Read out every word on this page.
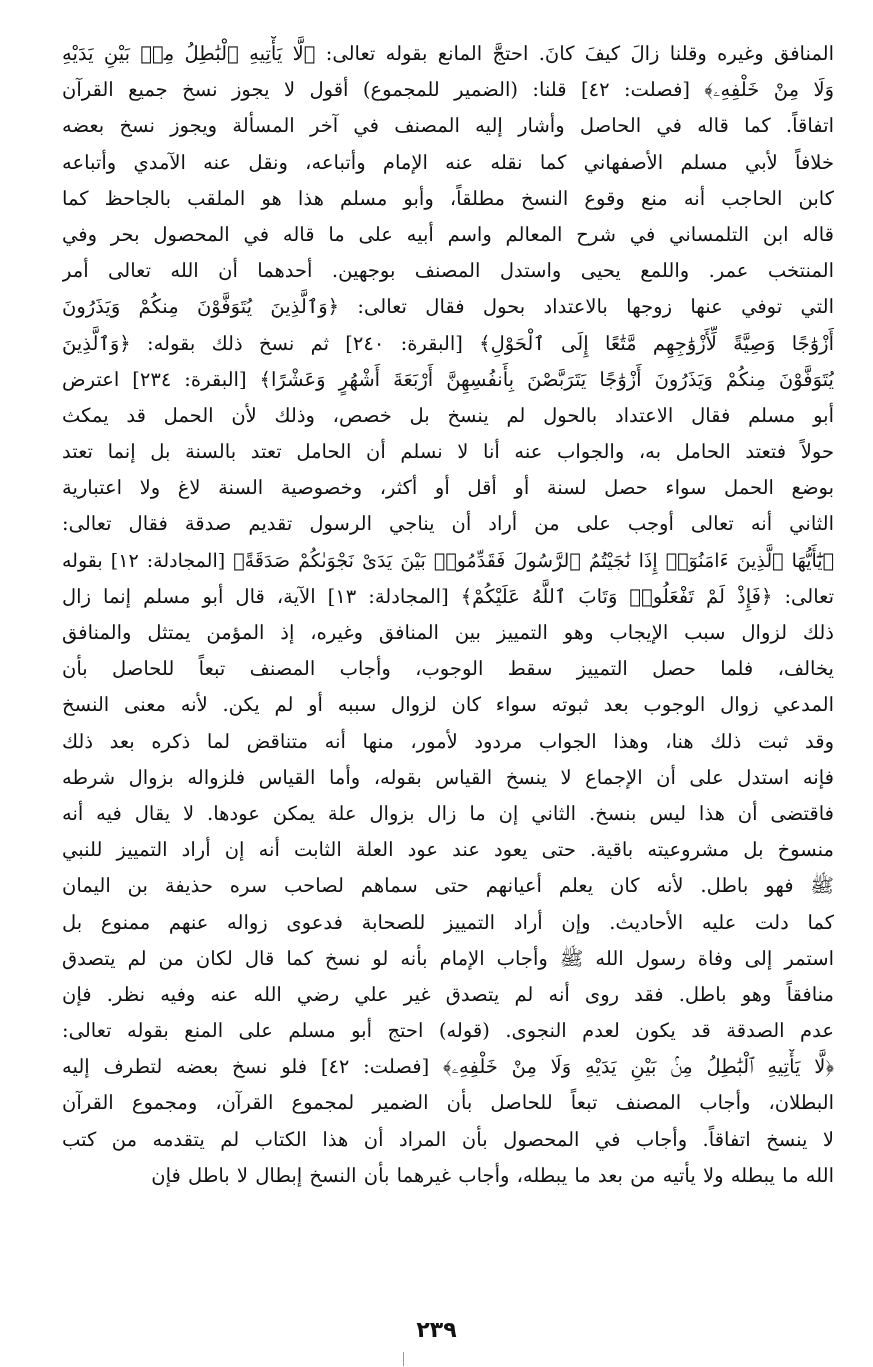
المنافق وغيره وقلنا زالَ كيفَ كانَ. احتجَّ المانع بقوله تعالى: ﴿لَّا يَأْتِيهِ ٱلْبَٰطِلُ مِنۢ بَيْنِ يَدَيْهِ
وَلَا مِنْ خَلْفِهِۦ﴾ [فصلت: ٤٢] قلنا: (الضمير للمجموع) أقول لا يجوز نسخ جميع القرآن
اتفاقاً. كما قاله في الحاصل وأشار إليه المصنف في آخر المسألة ويجوز نسخ بعضه
خلافاً لأبي مسلم الأصفهاني كما نقله عنه الإمام وأتباعه، ونقل عنه الآمدي وأتباعه
كابن الحاجب أنه منع وقوع النسخ مطلقاً، وأبو مسلم هذا هو الملقب بالجاحظ كما
قاله ابن التلمساني في شرح المعالم واسم أبيه على ما قاله في المحصول بحر وفي
المنتخب عمر. واللمع يحيى واستدل المصنف بوجهين. أحدهما أن الله تعالى أمر
التي توفي عنها زوجها بالاعتداد بحول فقال تعالى: ﴿وَٱلَّذِينَ يُتَوَفَّوْنَ مِنكُمْ وَيَذَرُونَ
أَزْوَٰجًا وَصِيَّةً لِّأَزْوَٰجِهِم مَّتَٰعًا إِلَى ٱلْحَوْلِ﴾ [البقرة: ٢٤٠] ثم نسخ ذلك بقوله: ﴿وَٱلَّذِينَ
يُتَوَفَّوْنَ مِنكُمْ وَيَذَرُونَ أَزْوَٰجًا يَتَرَبَّصْنَ بِأَنفُسِهِنَّ أَرْبَعَةَ أَشْهُرٍ وَعَشْرًا﴾ [البقرة: ٢٣٤] اعترض
أبو مسلم فقال الاعتداد بالحول لم ينسخ بل خصص، وذلك لأن الحمل قد يمكث
حولاً فتعتد الحامل به، والجواب عنه أنا لا نسلم أن الحامل تعتد بالسنة بل إنما تعتد
بوضع الحمل سواء حصل لسنة أو أقل أو أكثر، وخصوصية السنة لاغ ولا اعتبارية
الثاني أنه تعالى أوجب على من أراد أن يناجي الرسول تقديم صدقة فقال تعالى:
﴿يَٰٓأَيُّهَا ٱلَّذِينَ ءَامَنُوٓا۟ إِذَا نَٰجَيْتُمُ ٱلرَّسُولَ فَقَدِّمُوا۟ بَيْنَ يَدَىْ نَجْوَىٰكُمْ صَدَقَةً﴾ [المجادلة: ١٢] بقوله
تعالى: ﴿فَإِذْ لَمْ تَفْعَلُوا۟ وَتَابَ ٱللَّهُ عَلَيْكُمْ﴾ [المجادلة: ١٣] الآية، قال أبو مسلم إنما زال
ذلك لزوال سبب الإيجاب وهو التمييز بين المنافق وغيره، إذ المؤمن يمتثل والمنافق
يخالف، فلما حصل التمييز سقط الوجوب، وأجاب المصنف تبعاً للحاصل بأن
المدعي زوال الوجوب بعد ثبوته سواء كان لزوال سببه أو لم يكن. لأنه معنى النسخ
وقد ثبت ذلك هنا، وهذا الجواب مردود لأمور، منها أنه متناقض لما ذكره بعد ذلك
فإنه استدل على أن الإجماع لا ينسخ القياس بقوله، وأما القياس فلزواله بزوال شرطه
فاقتضى أن هذا ليس بنسخ. الثاني إن ما زال بزوال علة يمكن عودها. لا يقال فيه أنه
منسوخ بل مشروعيته باقية. حتى يعود عند عود العلة الثابت أنه إن أراد التمييز للنبي
ﷺ فهو باطل. لأنه كان يعلم أعيانهم حتى سماهم لصاحب سره حذيفة بن اليمان
كما دلت عليه الأحاديث. وإن أراد التمييز للصحابة فدعوى زواله عنهم ممنوع بل
استمر إلى وفاة رسول الله ﷺ وأجاب الإمام بأنه لو نسخ كما قال لكان من لم يتصدق
منافقاً وهو باطل. فقد روى أنه لم يتصدق غير علي رضي الله عنه وفيه نظر. فإن
عدم الصدقة قد يكون لعدم النجوى. (قوله) احتج أبو مسلم على المنع بقوله تعالى:
﴿لَّا يَأْتِيهِ ٱلْبَٰطِلُ مِنۢ بَيْنِ يَدَيْهِ وَلَا مِنْ خَلْفِهِۦ﴾ [فصلت: ٤٢] فلو نسخ بعضه لتطرف إليه
البطلان، وأجاب المصنف تبعاً للحاصل بأن الضمير لمجموع القرآن، ومجموع القرآن
لا ينسخ اتفاقاً. وأجاب في المحصول بأن المراد أن هذا الكتاب لم يتقدمه من كتب
الله ما يبطله ولا يأتيه من بعد ما يبطله، وأجاب غيرهما بأن النسخ إبطال لا باطل فإن
٢٣٩
